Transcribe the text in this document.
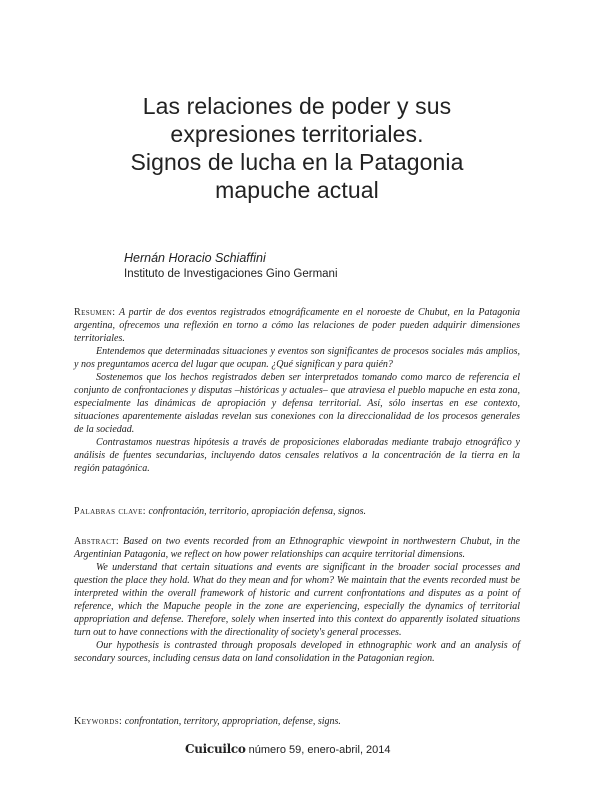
Las relaciones de poder y sus
expresiones territoriales.
Signos de lucha en la Patagonia
mapuche actual
Hernán Horacio Schiaffini
Instituto de Investigaciones Gino Germani

Resumen: A partir de dos eventos registrados etnográficamente en el noroeste de Chubut, en la Patagonia argentina, ofrecemos una reflexión en torno a cómo las relaciones de poder pueden adquirir dimensiones territoriales.

Entendemos que determinadas situaciones y eventos son significantes de procesos sociales más amplios, y nos preguntamos acerca del lugar que ocupan. ¿Qué significan y para quién?

Sostenemos que los hechos registrados deben ser interpretados tomando como marco de referencia el conjunto de confrontaciones y disputas –históricas y actuales– que atraviesa el pueblo mapuche en esta zona, especialmente las dinámicas de apropiación y defensa territorial. Así, sólo insertas en ese contexto, situaciones aparentemente aisladas revelan sus conexiones con la direccionalidad de los procesos generales de la sociedad.

Contrastamos nuestras hipótesis a través de proposiciones elaboradas mediante trabajo etnográfico y análisis de fuentes secundarias, incluyendo datos censales relativos a la concentración de la tierra en la región patagónica.

Palabras clave: confrontación, territorio, apropiación defensa, signos.

Abstract: Based on two events recorded from an Ethnographic viewpoint in northwestern Chubut, in the Argentinian Patagonia, we reflect on how power relationships can acquire territorial dimensions.

We understand that certain situations and events are significant in the broader social processes and question the place they hold. What do they mean and for whom? We maintain that the events recorded must be interpreted within the overall framework of historic and current confrontations and disputes as a point of reference, which the Mapuche people in the zone are experiencing, especially the dynamics of territorial appropriation and defense. Therefore, solely when inserted into this context do apparently isolated situations turn out to have connections with the directionality of society's general processes.

Our hypothesis is contrasted through proposals developed in ethnographic work and an analysis of secondary sources, including census data on land consolidation in the Patagonian region.

Keywords: confrontation, territory, appropriation, defense, signs.

Cuicuilco número 59, enero-abril, 2014
